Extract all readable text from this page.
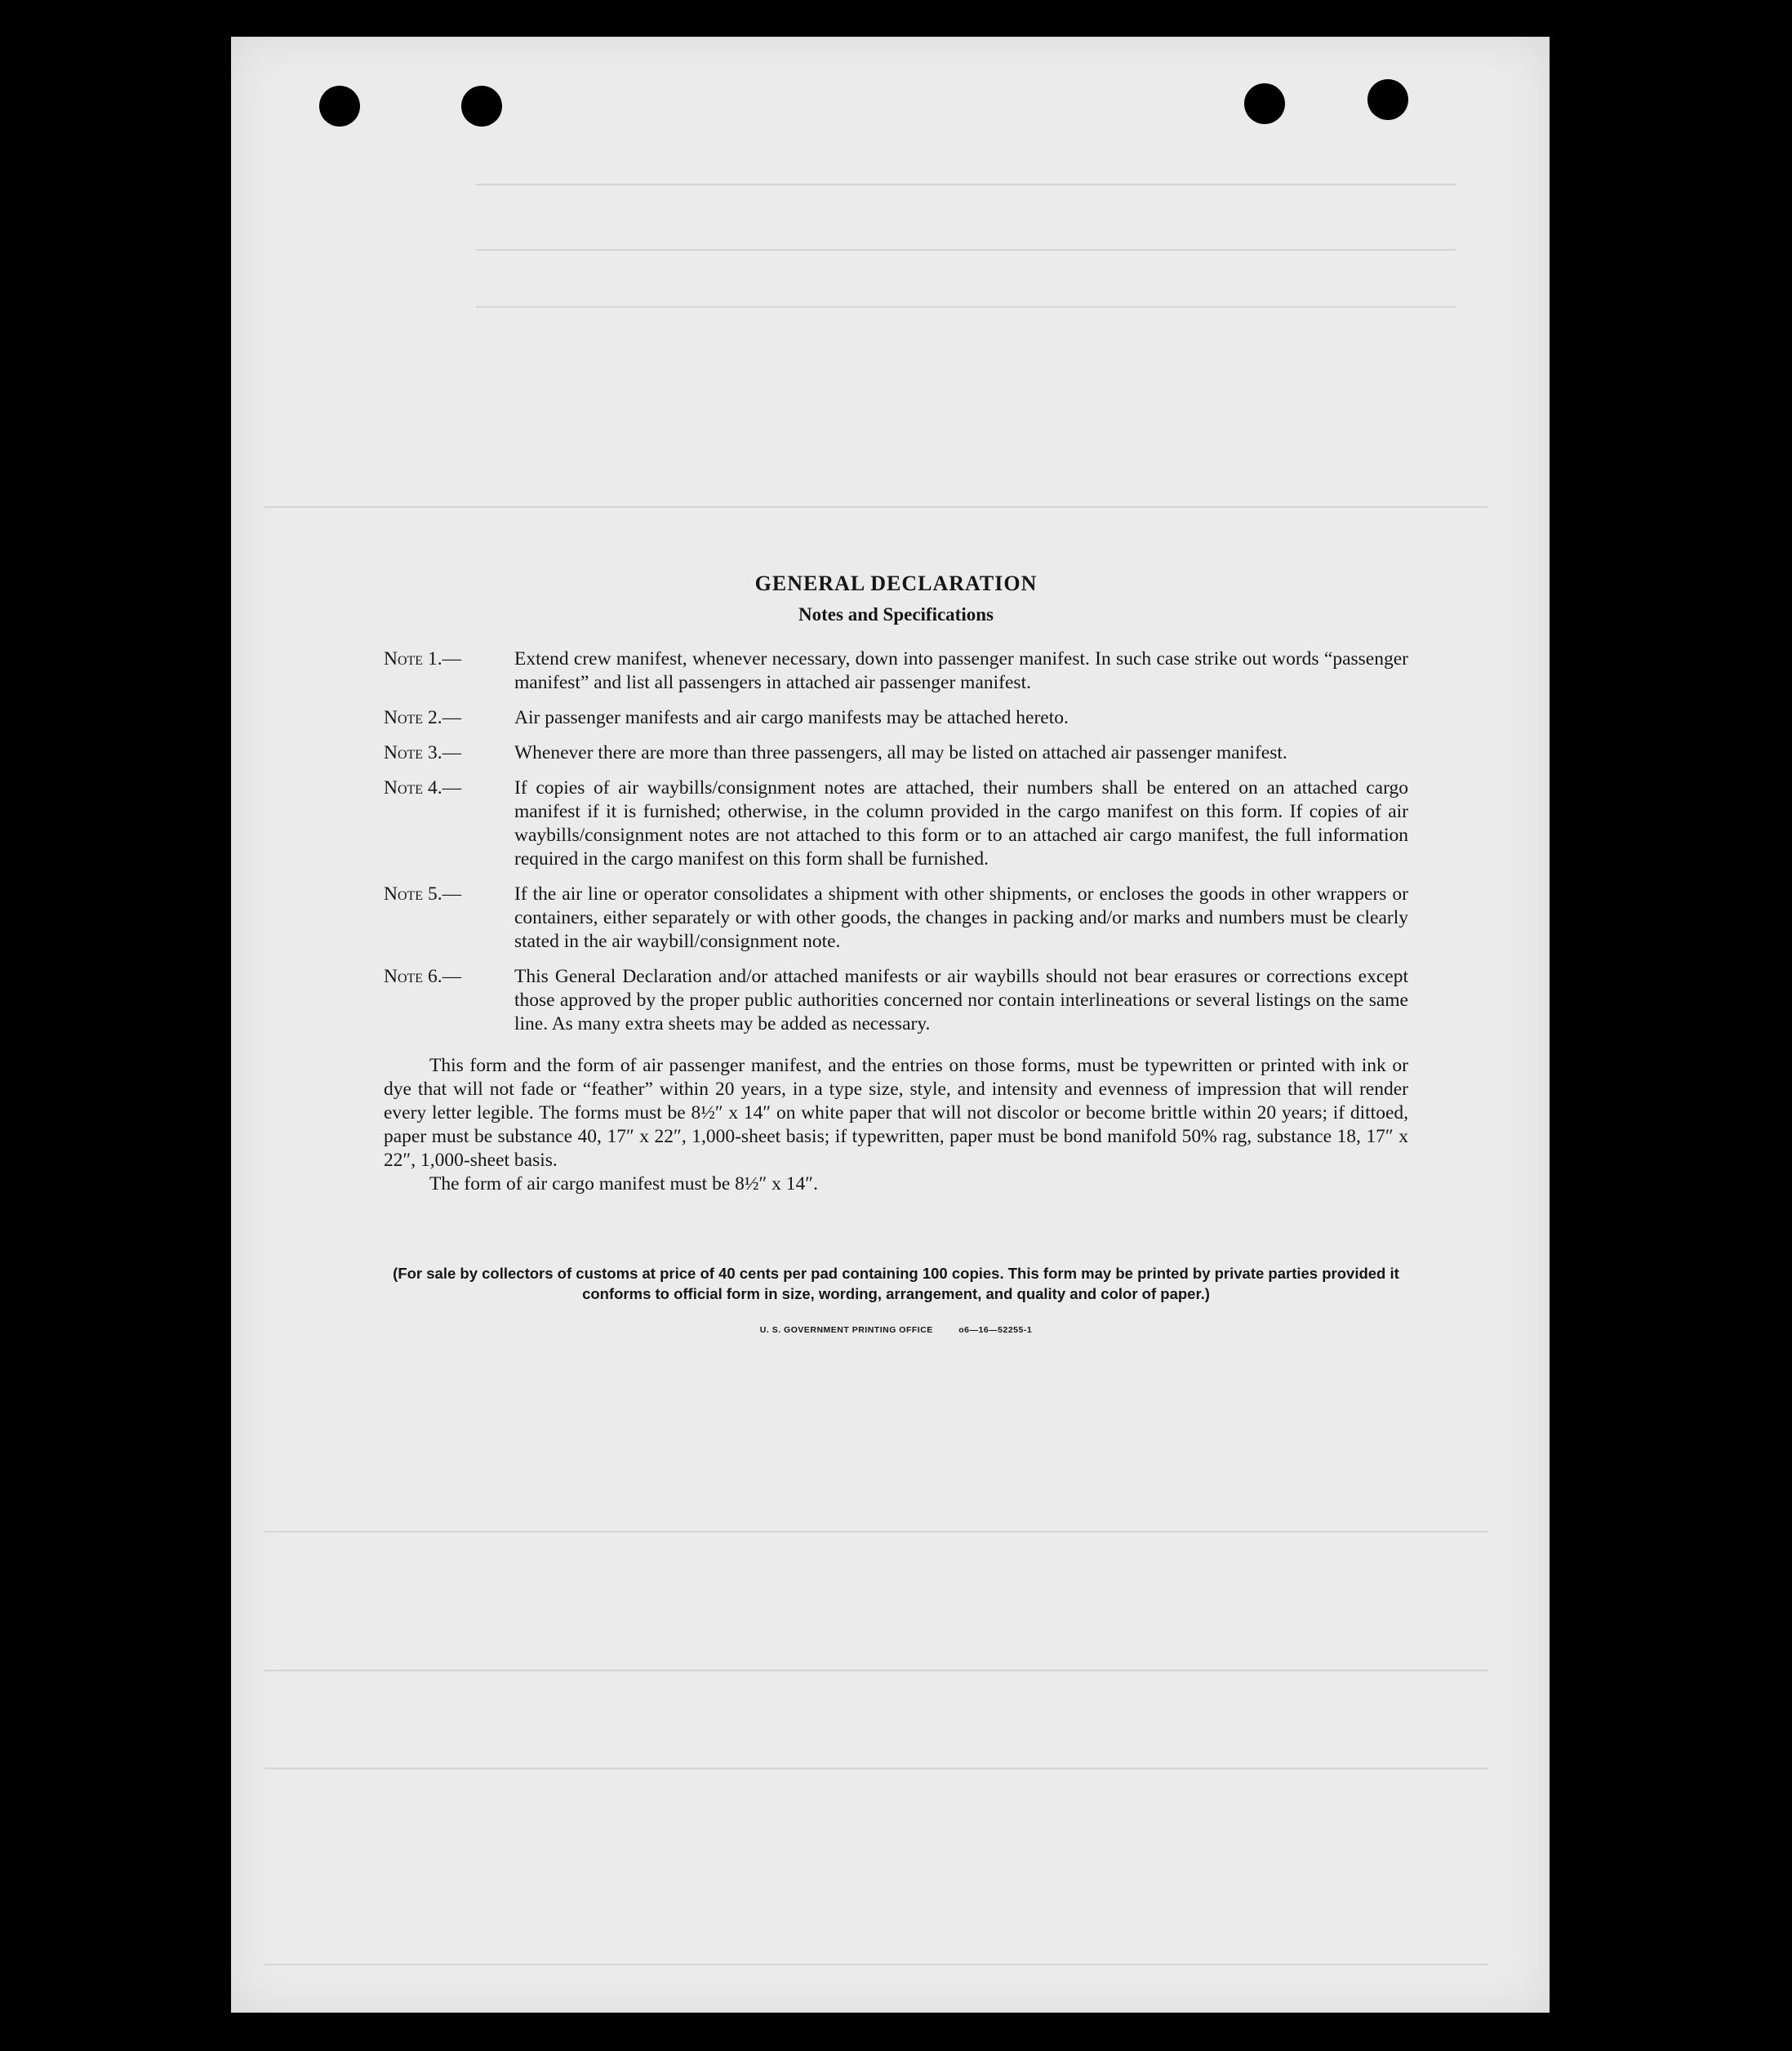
GENERAL DECLARATION
Notes and Specifications
Note 1.—	Extend crew manifest, whenever necessary, down into passenger manifest. In such case strike out words “passenger manifest” and list all passengers in attached air passenger manifest.
Note 2.—	Air passenger manifests and air cargo manifests may be attached hereto.
Note 3.—	Whenever there are more than three passengers, all may be listed on attached air passenger manifest.
Note 4.—	If copies of air waybills/consignment notes are attached, their numbers shall be entered on an attached cargo manifest if it is furnished; otherwise, in the column provided in the cargo manifest on this form. If copies of air waybills/consignment notes are not attached to this form or to an attached air cargo manifest, the full information required in the cargo manifest on this form shall be furnished.
Note 5.—	If the air line or operator consolidates a shipment with other shipments, or encloses the goods in other wrappers or containers, either separately or with other goods, the changes in packing and/or marks and numbers must be clearly stated in the air waybill/consignment note.
Note 6.—	This General Declaration and/or attached manifests or air waybills should not bear erasures or corrections except those approved by the proper public authorities concerned nor contain interlineations or several listings on the same line. As many extra sheets may be added as necessary.

This form and the form of air passenger manifest, and the entries on those forms, must be typewritten or printed with ink or dye that will not fade or “feather” within 20 years, in a type size, style, and intensity and evenness of impression that will render every letter legible. The forms must be 8½″ x 14″ on white paper that will not discolor or become brittle within 20 years; if dittoed, paper must be substance 40, 17″ x 22″, 1,000-sheet basis; if typewritten, paper must be bond manifold 50% rag, substance 18, 17″ x 22″, 1,000-sheet basis.

The form of air cargo manifest must be 8½″ x 14″.

(For sale by collectors of customs at price of 40 cents per pad containing 100 copies. This form may be printed by private parties provided it conforms to official form in size, wording, arrangement, and quality and color of paper.)
U. S. GOVERNMENT PRINTING OFFICE	o6—16—52255-1
